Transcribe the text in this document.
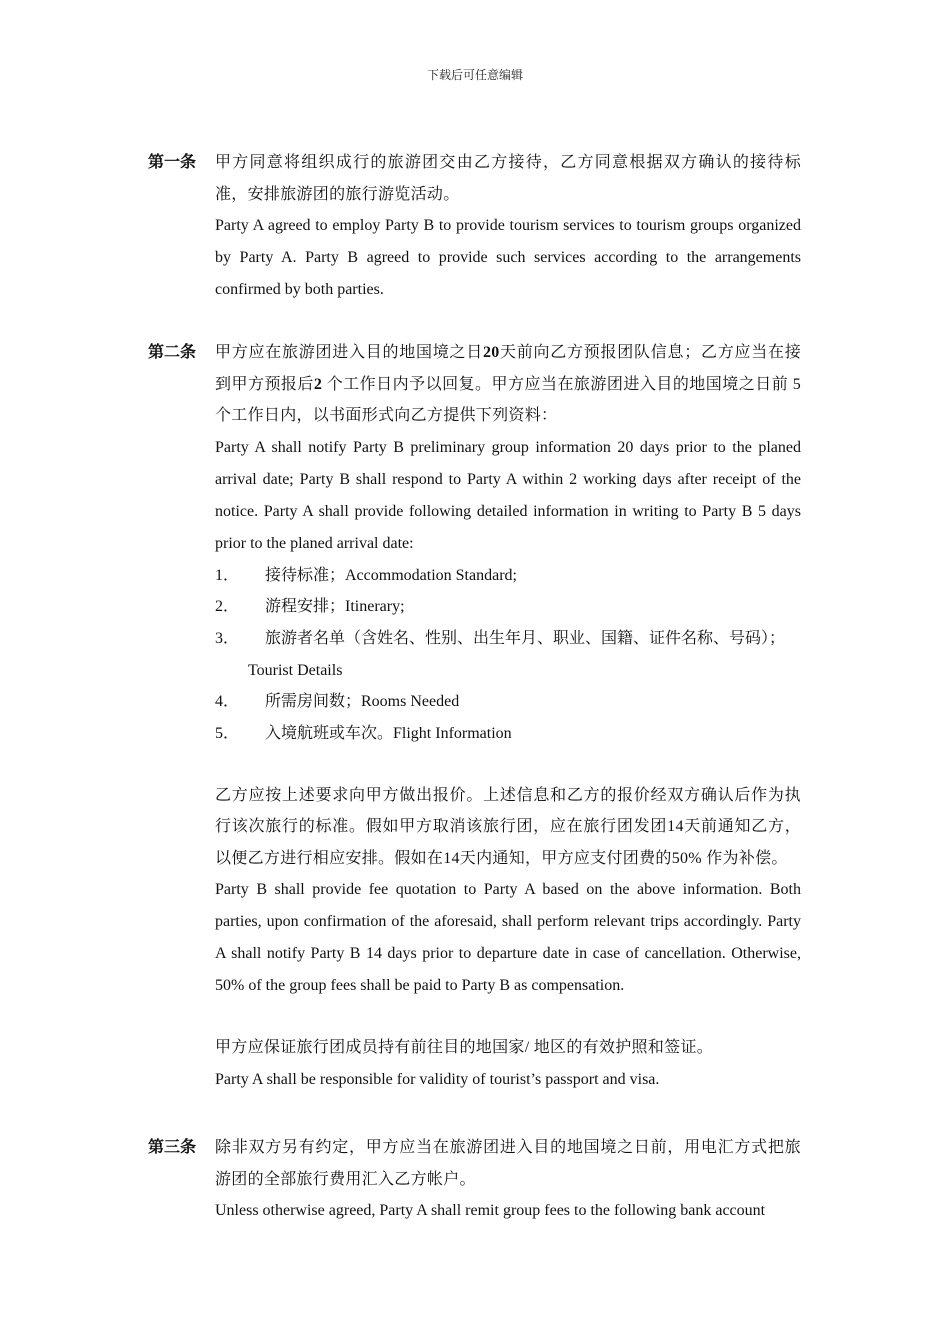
下载后可任意编辑
第一条	甲方同意将组织成行的旅游团交由乙方接待，乙方同意根据双方确认的接待标准，安排旅游团的旅行游览活动。
Party A agreed to employ Party B to provide tourism services to tourism groups organized by Party A. Party B agreed to provide such services according to the arrangements confirmed by both parties.
第二条	甲方应在旅游团进入目的地国境之日20天前向乙方预报团队信息；乙方应当在接到甲方预报后2 个工作日内予以回复。甲方应当在旅游团进入目的地国境之日前 5 个工作日内，以书面形式向乙方提供下列资料：
Party A shall notify Party B preliminary group information 20 days prior to the planed arrival date; Party B shall respond to Party A within 2 working days after receipt of the notice. Party A shall provide following detailed information in writing to Party B 5 days prior to the planed arrival date:
1． 接待标准；Accommodation Standard;
2． 游程安排；Itinerary;
3． 旅游者名单（含姓名、性别、出生年月、职业、国籍、证件名称、号码）；
Tourist Details
4． 所需房间数；Rooms Needed
5． 入境航班或车次。Flight Information
乙方应按上述要求向甲方做出报价。上述信息和乙方的报价经双方确认后作为执行该次旅行的标准。假如甲方取消该旅行团，应在旅行团发团14天前通知乙方，以便乙方进行相应安排。假如在14天内通知，甲方应支付团费的50% 作为补偿。
Party B shall provide fee quotation to Party A based on the above information. Both parties, upon confirmation of the aforesaid, shall perform relevant trips accordingly. Party A shall notify Party B 14 days prior to departure date in case of cancellation. Otherwise, 50% of the group fees shall be paid to Party B as compensation.
甲方应保证旅行团成员持有前往目的地国家/ 地区的有效护照和签证。
Party A shall be responsible for validity of tourist’s passport and visa.
第三条	除非双方另有约定，甲方应当在旅游团进入目的地国境之日前，用电汇方式把旅游团的全部旅行费用汇入乙方帐户。
Unless otherwise agreed, Party A shall remit group fees to the following bank account
